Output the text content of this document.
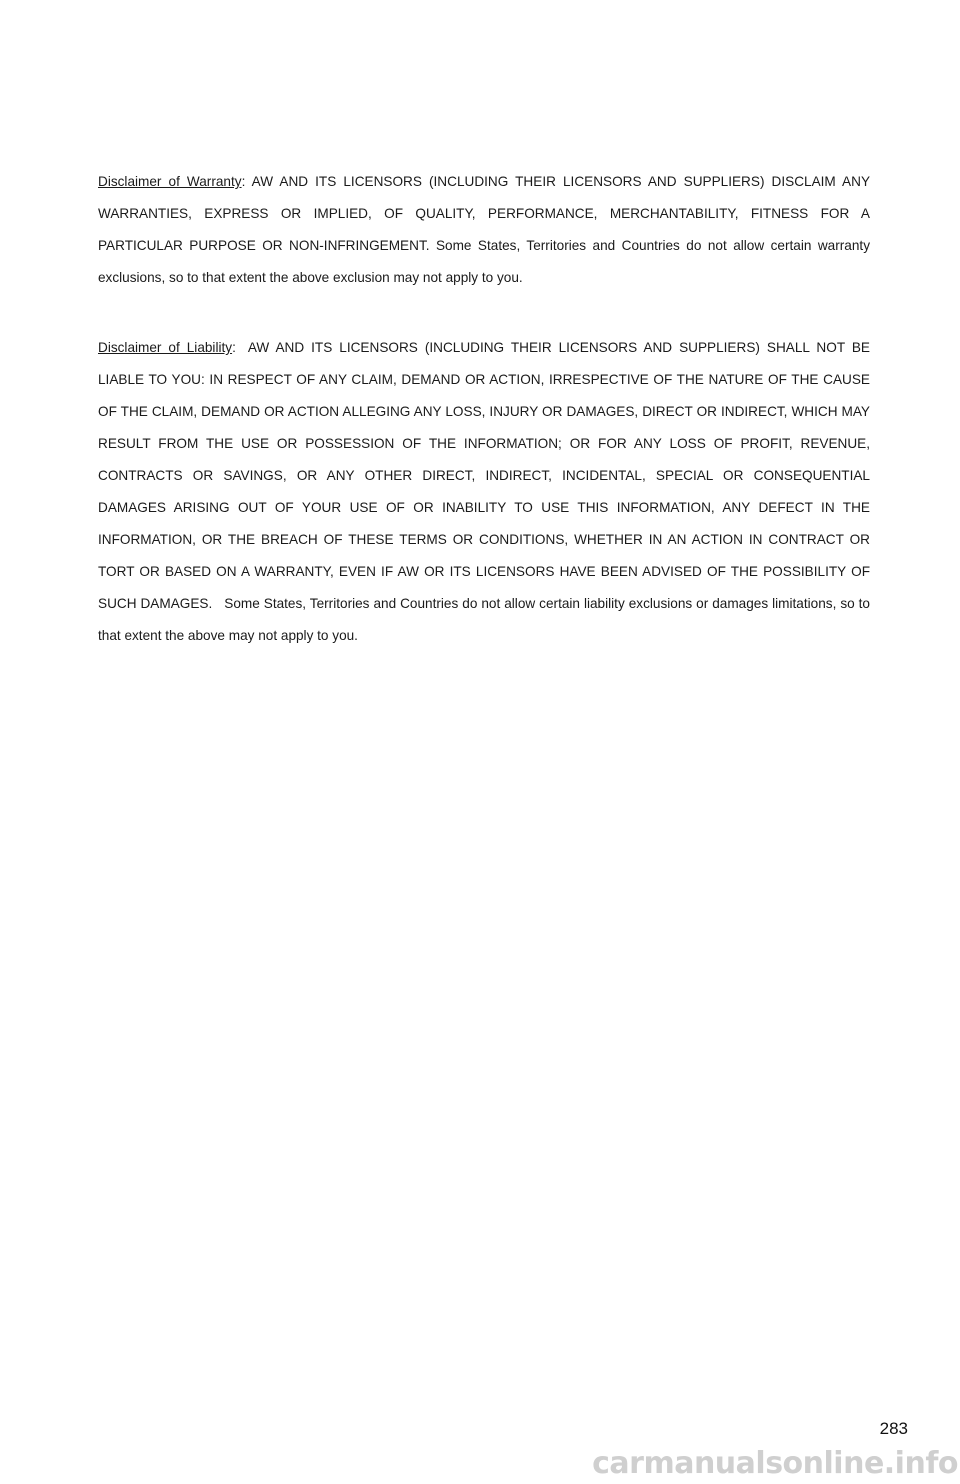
Disclaimer of Warranty: AW AND ITS LICENSORS (INCLUDING THEIR LICENSORS AND SUPPLIERS) DISCLAIM ANY WARRANTIES, EXPRESS OR IMPLIED, OF QUALITY, PERFORMANCE, MERCHANTABILITY, FITNESS FOR A PARTICULAR PURPOSE OR NON-INFRINGEMENT. Some States, Territories and Countries do not allow certain warranty exclusions, so to that extent the above exclusion may not apply to you.

Disclaimer of Liability: AW AND ITS LICENSORS (INCLUDING THEIR LICENSORS AND SUPPLIERS) SHALL NOT BE LIABLE TO YOU: IN RESPECT OF ANY CLAIM, DEMAND OR ACTION, IRRESPECTIVE OF THE NATURE OF THE CAUSE OF THE CLAIM, DEMAND OR ACTION ALLEGING ANY LOSS, INJURY OR DAMAGES, DIRECT OR INDIRECT, WHICH MAY RESULT FROM THE USE OR POSSESSION OF THE INFORMATION; OR FOR ANY LOSS OF PROFIT, REVENUE, CONTRACTS OR SAVINGS, OR ANY OTHER DIRECT, INDIRECT, INCIDENTAL, SPECIAL OR CONSEQUENTIAL DAMAGES ARISING OUT OF YOUR USE OF OR INABILITY TO USE THIS INFORMATION, ANY DEFECT IN THE INFORMATION, OR THE BREACH OF THESE TERMS OR CONDITIONS, WHETHER IN AN ACTION IN CONTRACT OR TORT OR BASED ON A WARRANTY, EVEN IF AW OR ITS LICENSORS HAVE BEEN ADVISED OF THE POSSIBILITY OF SUCH DAMAGES. Some States, Territories and Countries do not allow certain liability exclusions or damages limitations, so to that extent the above may not apply to you.

283
carmanualsonline.info
